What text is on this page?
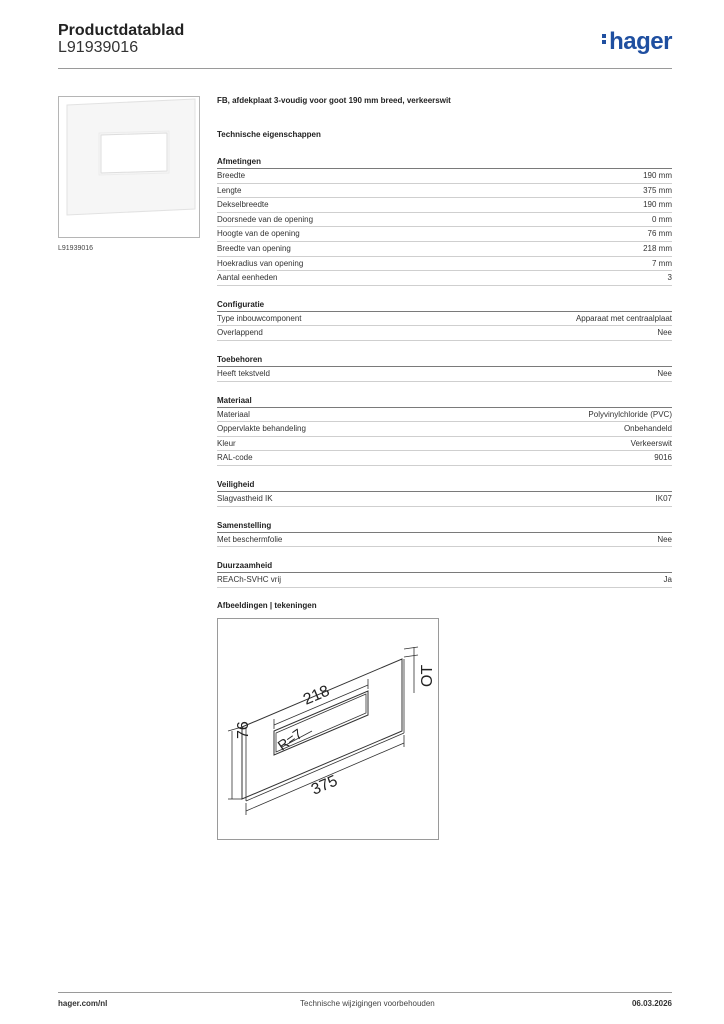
Productdatablad
L91939016	hager
L91939016
FB, afdekplaat 3-voudig voor goot 190 mm breed, verkeerswit
Technische eigenschappen
Afmetingen
Breedte	190 mm
Lengte	375 mm
Dekselbreedte	190 mm
Doorsnede van de opening	0 mm
Hoogte van de opening	76 mm
Breedte van opening	218 mm
Hoekradius van opening	7 mm
Aantal eenheden	3
Configuratie
Type inbouwcomponent	Apparaat met centraalplaat
Overlappend	Nee
Toebehoren
Heeft tekstveld	Nee
Materiaal
Materiaal	Polyvinylchloride (PVC)
Oppervlakte behandeling	Onbehandeld
Kleur	Verkeerswit
RAL-code	9016
Veiligheid
Slagvastheid IK	IK07
Samenstelling
Met beschermfolie	Nee
Duurzaamheid
REACh-SVHC vrij	Ja
Afbeeldingen | tekeningen
218
375
76 R=7
OT
hager.com/nl	Technische wijzigingen voorbehouden	06.03.2026
